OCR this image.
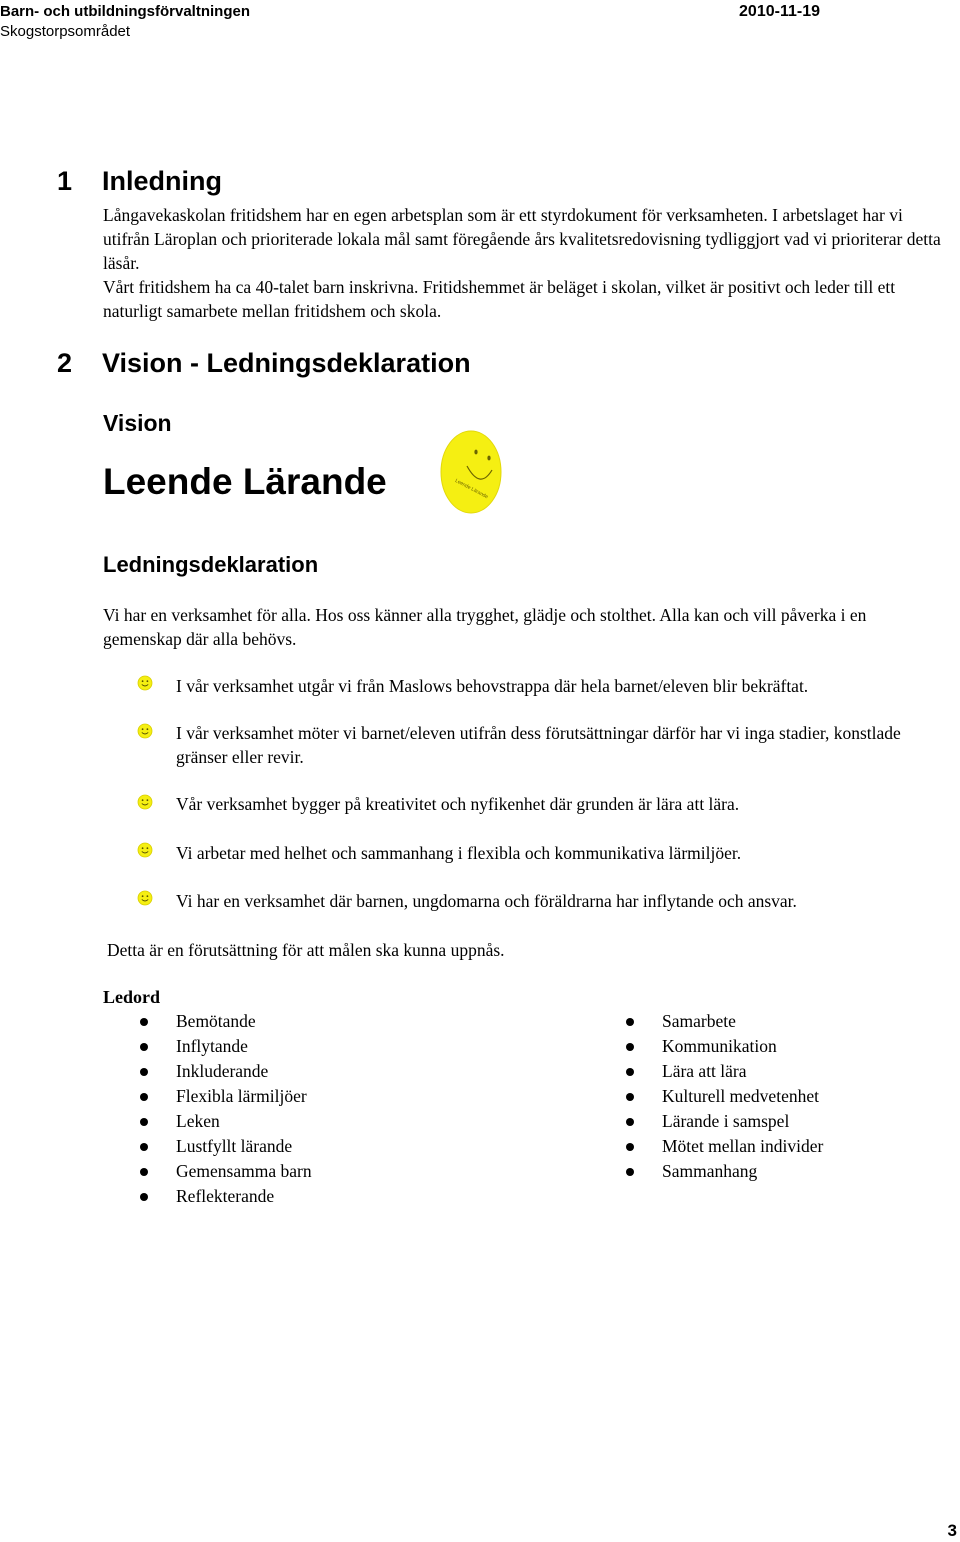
Barn- och utbildningsförvaltningen
Skogstorpsområdet
2010-11-19
1 Inledning

Långavekaskolan fritidshem har en egen arbetsplan som är ett styrdokument för verksamheten. I arbetslaget har vi utifrån Läroplan och prioriterade lokala mål samt föregående års kvalitetsredovisning tydliggjort vad vi prioriterar detta läsår.

Vårt fritidshem ha ca 40-talet barn inskrivna. Fritidshemmet är beläget i skolan, vilket är positivt och leder till ett naturligt samarbete mellan fritidshem och skola.

2 Vision - Ledningsdeklaration
Vision
Leende Lärande	Leende Lärande
Ledningsdeklaration
Vi har en verksamhet för alla. Hos oss känner alla trygghet, glädje och stolthet. Alla kan och vill påverka i en gemenskap där alla behövs.
I vår verksamhet utgår vi från Maslows behovstrappa där hela barnet/eleven blir bekräftat.
I vår verksamhet möter vi barnet/eleven utifrån dess förutsättningar därför har vi inga stadier, konstlade gränser eller revir.
Vår verksamhet bygger på kreativitet och nyfikenhet där grunden är lära att lära.
Vi arbetar med helhet och sammanhang i flexibla och kommunikativa lärmiljöer.
Vi har en verksamhet där barnen, ungdomarna och föräldrarna har inflytande och ansvar.
Detta är en förutsättning för att målen ska kunna uppnås.
Ledord
Bemötande
Inflytande
Inkluderande
Flexibla lärmiljöer
Leken
Lustfyllt lärande
Gemensamma barn
Reflekterande
Samarbete
Kommunikation
Lära att lära
Kulturell medvetenhet
Lärande i samspel
Mötet mellan individer
Sammanhang
3
